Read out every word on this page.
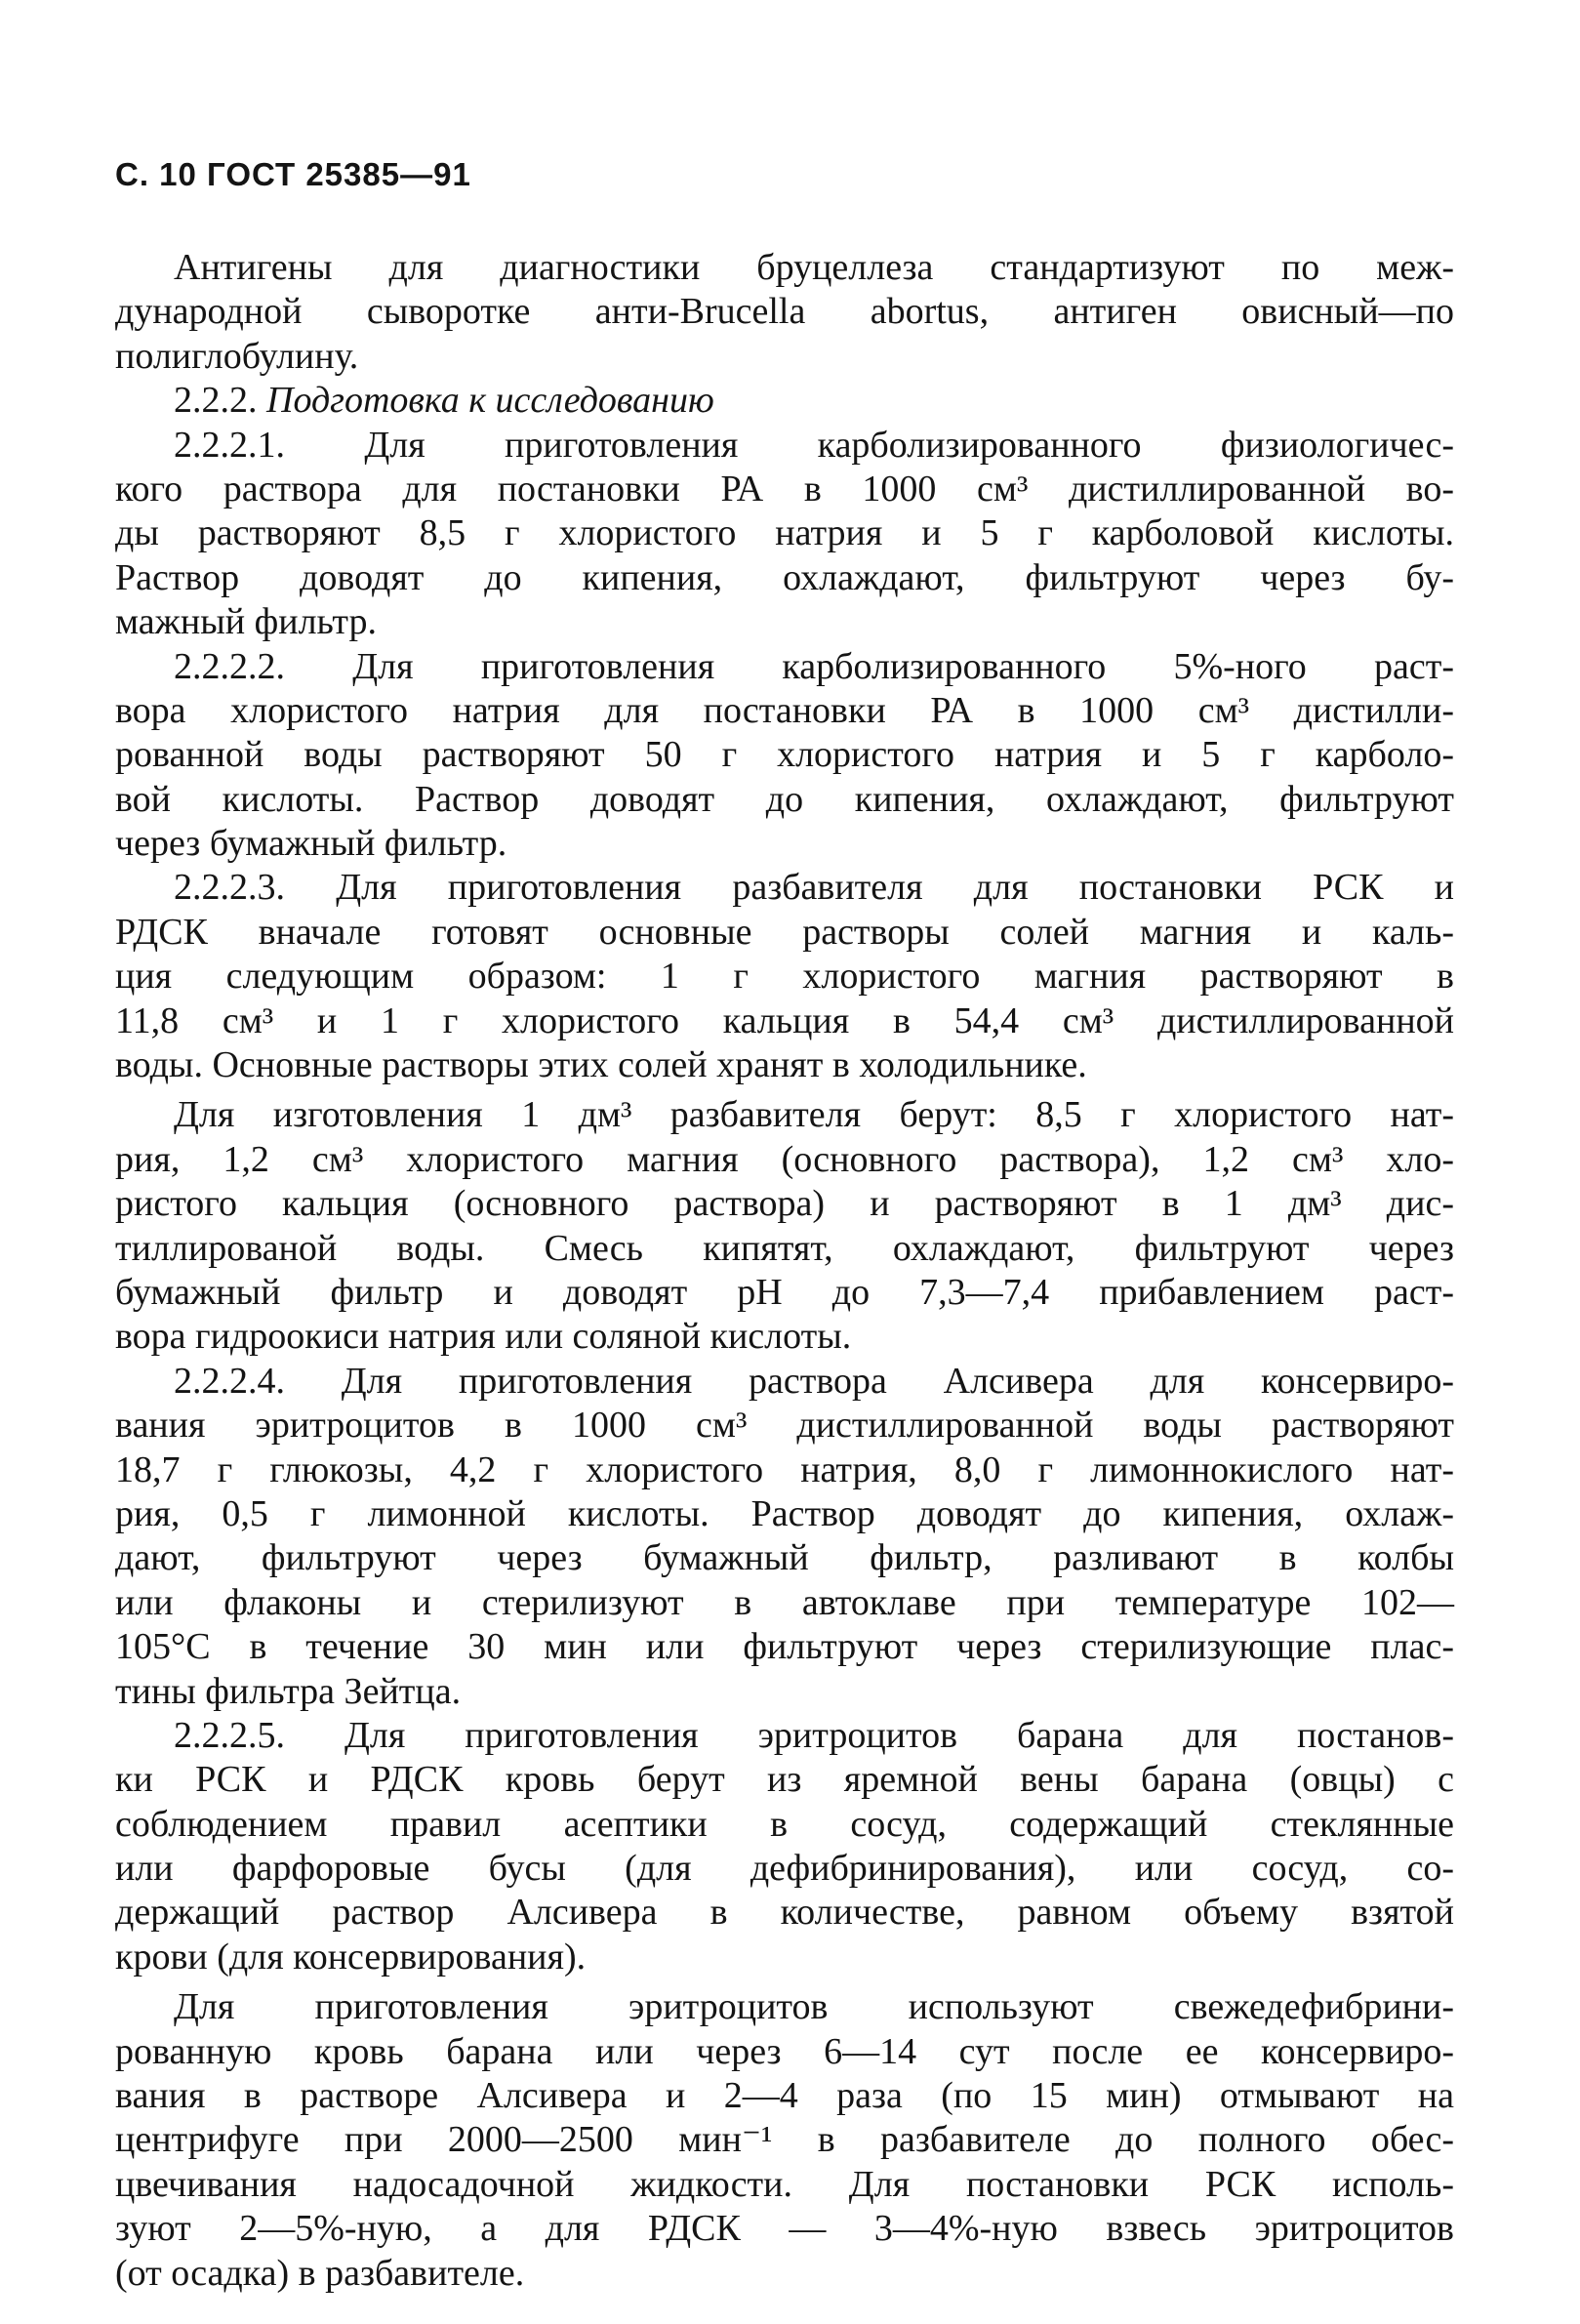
С. 10 ГОСТ 25385—91
Антигены для диагностики бруцеллеза стандартизуют по меж-
дународной сыворотке анти-Brucella abortus, антиген овисный—по
полиглобулину.
2.2.2. Подготовка к исследованию
2.2.2.1. Для приготовления карболизированного физиологичес-
кого раствора для постановки РА в 1000 см³ дистиллированной во-
ды растворяют 8,5 г хлористого натрия и 5 г карболовой кислоты.
Раствор доводят до кипения, охлаждают, фильтруют через бу-
мажный фильтр.
2.2.2.2. Для приготовления карболизированного 5%-ного раст-
вора хлористого натрия для постановки РА в 1000 см³ дистилли-
рованной воды растворяют 50 г хлористого натрия и 5 г карболо-
вой кислоты. Раствор доводят до кипения, охлаждают, фильтруют
через бумажный фильтр.
2.2.2.3. Для приготовления разбавителя для постановки РСК и
РДСК вначале готовят основные растворы солей магния и каль-
ция следующим образом: 1 г хлористого магния растворяют в
11,8 см³ и 1 г хлористого кальция в 54,4 см³ дистиллированной
воды. Основные растворы этих солей хранят в холодильнике.
Для изготовления 1 дм³ разбавителя берут: 8,5 г хлористого нат-
рия, 1,2 см³ хлористого магния (основного раствора), 1,2 см³ хло-
ристого кальция (основного раствора) и растворяют в 1 дм³ дис-
тиллированой воды. Смесь кипятят, охлаждают, фильтруют через
бумажный фильтр и доводят pH до 7,3—7,4 прибавлением раст-
вора гидроокиси натрия или соляной кислоты.
2.2.2.4. Для приготовления раствора Алсивера для консервиро-
вания эритроцитов в 1000 см³ дистиллированной воды растворяют
18,7 г глюкозы, 4,2 г хлористого натрия, 8,0 г лимоннокислого нат-
рия, 0,5 г лимонной кислоты. Раствор доводят до кипения, охлаж-
дают, фильтруют через бумажный фильтр, разливают в колбы
или флаконы и стерилизуют в автоклаве при температуре 102—
105°С в течение 30 мин или фильтруют через стерилизующие плас-
тины фильтра Зейтца.
2.2.2.5. Для приготовления эритроцитов барана для постанов-
ки РСК и РДСК кровь берут из яремной вены барана (овцы) с
соблюдением правил асептики в сосуд, содержащий стеклянные
или фарфоровые бусы (для дефибринирования), или сосуд, со-
держащий раствор Алсивера в количестве, равном объему взятой
крови (для консервирования).
Для приготовления эритроцитов используют свежедефибрини-
рованную кровь барана или через 6—14 сут после ее консервиро-
вания в растворе Алсивера и 2—4 раза (по 15 мин) отмывают на
центрифуге при 2000—2500 мин⁻¹ в разбавителе до полного обес-
цвечивания надосадочной жидкости. Для постановки РСК исполь-
зуют 2—5%-ную, а для РДСК — 3—4%-ную взвесь эритроцитов
(от осадка) в разбавителе.
